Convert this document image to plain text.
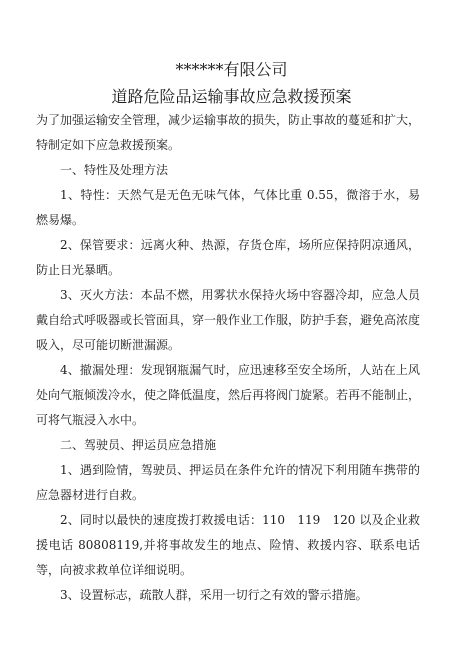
******有限公司
道路危险品运输事故应急救援预案

为了加强运输安全管理，减少运输事故的损失，防止事故的蔓延和扩大，特制定如下应急救援预案。

一、特性及处理方法

1、特性：天然气是无色无味气体，气体比重 0.55，微溶于水，易燃易爆。

2、保管要求：远离火种、热源，存货仓库，场所应保持阴凉通风，防止日光暴晒。

3、灭火方法：本品不燃，用雾状水保持火场中容器冷却，应急人员戴自给式呼吸器或长管面具，穿一般作业工作服，防护手套，避免高浓度吸入，尽可能切断泄漏源。

4、撤漏处理：发现钢瓶漏气时，应迅速移至安全场所，人站在上风处向气瓶倾泼冷水，使之降低温度，然后再将阀门旋紧。若再不能制止，可将气瓶浸入水中。

二、驾驶员、押运员应急措施

1、遇到险情，驾驶员、押运员在条件允许的情况下利用随车携带的应急器材进行自救。

2、同时以最快的速度拨打救援电话：110　119　120 以及企业救援电话 80808119,并将事故发生的地点、险情、救援内容、联系电话等，向被求救单位详细说明。

3、设置标志，疏散人群，采用一切行之有效的警示措施。
